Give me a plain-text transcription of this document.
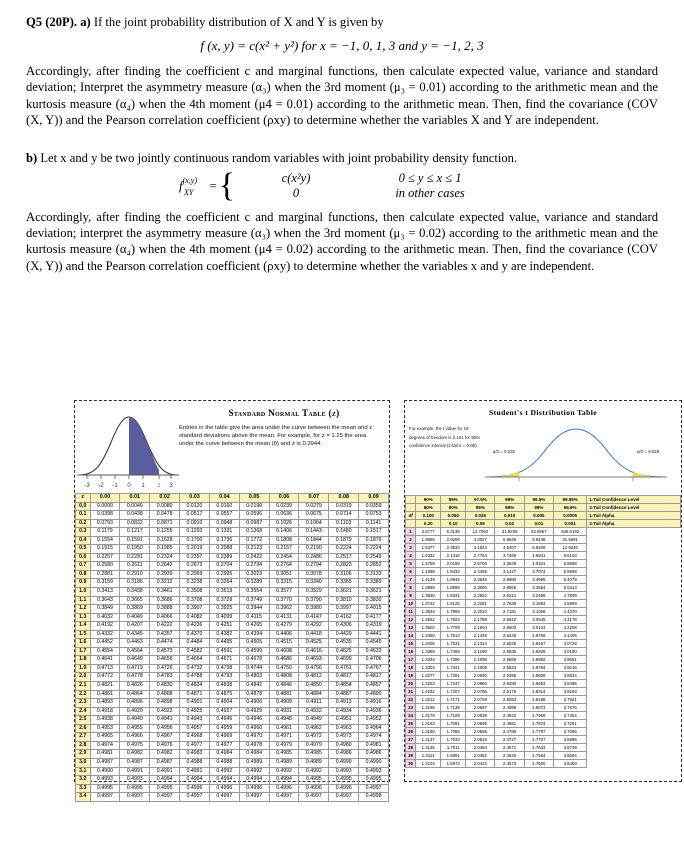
Q5 (20P). a) If the joint probability distribution of X and Y is given by
f (x, y) = c(x² + y²) for x = −1, 0, 1, 3 and y = −1, 2, 3
Accordingly, after finding the coefficient c and marginal functions, then calculate expected value, variance and standard deviation; Interpret the asymmetry measure (α₃) when the 3rd moment (μ₃ = 0.01) according to the arithmetic mean and the kurtosis measure (α₄) when the 4th moment (μ4 = 0.01) according to the arithmetic mean. Then, find the covariance (COV (X, Y)) and the Pearson correlation coefficient (ρxy) to determine whether the variables X and Y are independent.
b) Let x and y be two jointly continuous random variables with joint probability density function.
$f^{(x,y)}_{XY}$	= {	c(x²y)	0 ≤ y ≤ x ≤ 1
0	in other cases
Accordingly, after finding the coefficient c and marginal functions, then calculate expected value, variance and standard deviation; interpret the asymmetry measure (α₃) when the 3rd moment (μ₃ = 0.02) according to the arithmetic mean and the kurtosis measure (α₄) when the 4th moment (μ4 = 0.02) according to the arithmetic mean. Then, find the covariance (COV (X, Y)) and the Pearson correlation coefficient (ρxy) to determine whether the variables x and y are independent.
-3 -2 -1 0 1 z 3
Standard Normal Table (z)
Entries in the table give the area under the curve between the mean and z standard deviations above the mean. For example, for z = 1.25 the area under the curve between the mean (0) and z is 0.3944.
z	0.00	0.01	0.02	0.03	0.04	0.05	0.06	0.07	0.08	0.09
0.0	0.0000	0.0040	0.0080	0.0120	0.0160	0.0190	0.0239	0.0279	0.0319	0.0359
0.1	0.0398	0.0438	0.0478	0.0517	0.0557	0.0596	0.0636	0.0675	0.0714	0.0753
0.2	0.0793	0.0832	0.0871	0.0910	0.0948	0.0987	0.1026	0.1064	0.1103	0.1141
0.3	0.1179	0.1217	0.1255	0.1293	0.1331	0.1368	0.1406	0.1443	0.1480	0.1517
0.4	0.1554	0.1591	0.1628	0.1700	0.1736	0.1772	0.1808	0.1844	0.1879	0.1879
0.5	0.1915	0.1950	0.1985	0.2019	0.2088	0.2123	0.2157	0.2190	0.2224	0.2224
0.6	0.2257	0.2291	0.2324	0.2357	0.2389	0.2422	0.2454	0.2486	0.2517	0.2549
0.7	0.2580	0.2611	0.2642	0.2673	0.2704	0.2734	0.2764	0.2794	0.2823	0.2852
0.8	0.2881	0.2910	0.2939	0.2969	0.2995	0.3023	0.3051	0.3078	0.3106	0.3133
0.9	0.3159	0.3186	0.3212	0.3238	0.3264	0.3289	0.3315	0.3340	0.3365	0.3389
1.0	0.3413	0.3438	0.3461	0.3508	0.3513	0.3554	0.3577	0.3529	0.3621	0.3621
1.1	0.3643	0.3665	0.3686	0.3708	0.3729	0.3749	0.3770	0.3790	0.3810	0.3830
1.2	0.3849	0.3869	0.3888	0.3907	0.3925	0.3944	0.3962	0.3980	0.3997	0.4015
1.3	0.4032	0.4049	0.4066	0.4082	0.4099	0.4115	0.4131	0.4147	0.4162	0.4177
1.4	0.4192	0.4207	0.4222	0.4236	0.4251	0.4265	0.4279	0.4292	0.4306	0.4319
1.5	0.4332	0.4345	0.4357	0.4370	0.4382	0.4394	0.4406	0.4418	0.4429	0.4441
1.6	0.4452	0.4463	0.4474	0.4484	0.4495	0.4505	0.4515	0.4525	0.4535	0.4545
1.7	0.4554	0.4564	0.4573	0.4582	0.4591	0.4599	0.4608	0.4616	0.4625	0.4633
1.8	0.4641	0.4649	0.4656	0.4664	0.4671	0.4678	0.4686	0.4693	0.4699	0.4706
1.9	0.4713	0.4719	0.4726	0.4732	0.4738	0.4744	0.4750	0.4756	0.4761	0.4767
2.0	0.4772	0.4778	0.4783	0.4788	0.4793	0.4803	0.4808	0.4812	0.4817	0.4817
2.1	0.4821	0.4826	0.4830	0.4834	0.4838	0.4842	0.4846	0.4850	0.4854	0.4857
2.2	0.4861	0.4864	0.4868	0.4871	0.4875	0.4878	0.4881	0.4884	0.4887	0.4890
2.3	0.4893	0.4896	0.4898	0.4901	0.4904	0.4906	0.4909	0.4911	0.4913	0.4916
2.4	0.4918	0.4920	0.4922	0.4925	0.4927	0.4929	0.4931	0.4932	0.4934	0.4936
2.5	0.4938	0.4940	0.4941	0.4943	0.4945	0.4946	0.4948	0.4949	0.4951	0.4952
2.6	0.4953	0.4955	0.4956	0.4957	0.4959	0.4960	0.4961	0.4962	0.4963	0.4964
2.7	0.4965	0.4966	0.4967	0.4968	0.4969	0.4970	0.4971	0.4972	0.4973	0.4974
2.8	0.4974	0.4975	0.4976	0.4977	0.4977	0.4978	0.4979	0.4979	0.4980	0.4981
2.9	0.4981	0.4982	0.4982	0.4983	0.4984	0.4984	0.4985	0.4985	0.4986	0.4986
3.0	0.4987	0.4987	0.4987	0.4988	0.4988	0.4989	0.4989	0.4989	0.4990	0.4990
3.1	0.4990	0.4991	0.4991	0.4991	0.4992	0.4992	0.4992	0.4992	0.4993	0.4993
3.2	0.4993	0.4993	0.4994	0.4994	0.4994	0.4994	0.4994	0.4995	0.4995	0.4995
3.3	0.4995	0.4995	0.4995	0.4996	0.4996	0.4996	0.4996	0.4996	0.4996	0.4997
3.4	0.4997	0.4997	0.4997	0.4997	0.4997	0.4997	0.4997	0.4997	0.4997	0.4998
Student's t Distribution Table
For example, the t value for 18 degrees of freedom is 2.101 for 95% confidence interval (2-tail α = 0.05).
α/2 = 0.025	α/2 = 0.025
	90%	95%	97.5%	99%	99.5%	99.95%	1-Tail Confidence Level
	80%	90%	95%	98%	99%	99.9%	2-Tail Confidence Level
df	0.100	0.050	0.025	0.010	0.005	0.0005	1-Tail Alpha
	0.20	0.10	0.05	0.02	0.01	0.001	2-Tail Alpha
1	3.0777	6.3138	12.7062	31.8205	63.6567	636.6192	
2	1.8856	2.9200	4.3027	6.9646	9.9248	31.5991	
3	1.6377	2.3534	3.1824	4.5407	5.8409	12.9240	
4	1.5332	2.1318	2.7764	3.7469	4.6041	8.6103	
5	1.4759	2.0150	2.5706	3.3649	4.0321	6.8688	
6	1.4398	1.9432	2.4469	3.1427	3.7074	5.9588	
7	1.4149	1.8946	2.3646	2.9980	3.4995	5.4079	
8	1.3968	1.8595	2.3060	2.8965	3.3554	5.0413	
9	1.3830	1.8331	2.2622	2.8214	3.2498	4.7809	
10	1.3722	1.8125	2.2281	2.7638	3.1693	4.5869	
11	1.3634	1.7959	2.2010	2.7181	3.1058	4.4370	
12	1.3562	1.7823	2.1788	2.6810	3.0545	4.3178	
13	1.3502	1.7709	2.1604	2.6503	3.0123	4.2208	
14	1.3450	1.7613	2.1448	2.6245	2.9768	4.1405	
15	1.3406	1.7531	2.1314	2.6025	2.9467	4.0728	
16	1.3368	1.7459	2.1199	2.5835	2.9208	4.0150	
17	1.3334	1.7396	2.1098	2.5669	2.8982	3.9651	
18	1.3304	1.7341	2.1009	2.5524	2.8784	3.9216	
19	1.3277	1.7291	2.0930	2.5395	2.8609	3.8834	
20	1.3253	1.7247	2.0860	2.5280	2.8453	3.8495	
21	1.3232	1.7207	2.0796	2.5176	2.8314	3.8193	
22	1.3212	1.7171	2.0739	2.5083	2.8188	3.7921	
23	1.3195	1.7139	2.0687	2.4999	2.8073	3.7676	
24	1.3178	1.7109	2.0639	2.4922	2.7969	3.7454	
25	1.3163	1.7081	2.0595	2.4851	2.7874	3.7251	
26	1.3150	1.7056	2.0555	2.4786	2.7787	3.7066	
27	1.3137	1.7033	2.0518	2.4727	2.7707	3.6896	
28	1.3125	1.7011	2.0484	2.4671	2.7633	3.6739	
29	1.3114	1.6991	2.0452	2.4620	2.7564	3.6594	
30	1.3104	1.6973	2.0423	2.4573	2.7500	3.6460	
